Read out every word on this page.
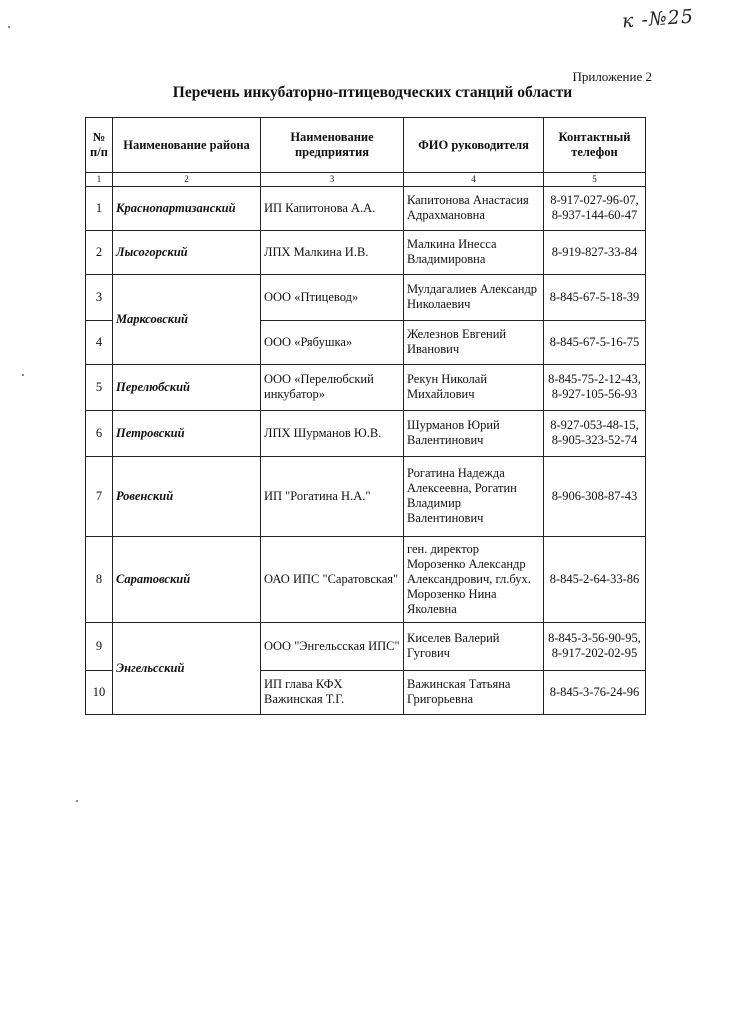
к -№25
Приложение 2
Перечень инкубаторно-птицеводческих станций области
№ п/п	Наименование района	Наименование предприятия	ФИО руководителя	Контактный телефон
1	2	3	4	5
1	Краснопартизанский	ИП Капитонова А.А.	Капитонова Анастасия Адрахмановна	8-917-027-96-07, 8-937-144-60-47
2	Лысогорский	ЛПХ Малкина И.В.	Малкина Инесса Владимировна	8-919-827-33-84
3	Марксовский	ООО «Птицевод»	Мулдагалиев Александр Николаевич	8-845-67-5-18-39
4		ООО «Рябушка»	Железнов Евгений Иванович	8-845-67-5-16-75
5	Перелюбский	ООО «Перелюбский инкубатор»	Рекун Николай Михайлович	8-845-75-2-12-43, 8-927-105-56-93
6	Петровский	ЛПХ Шурманов Ю.В.	Шурманов Юрий Валентинович	8-927-053-48-15, 8-905-323-52-74
7	Ровенский	ИП "Рогатина Н.А."	Рогатина Надежда Алексеевна, Рогатин Владимир Валентинович	8-906-308-87-43
8	Саратовский	ОАО ИПС "Саратовская"	ген. директор Морозенко Александр Александрович, гл.бух. Морозенко Нина Яколевна	8-845-2-64-33-86
9	Энгельсский	ООО "Энгельсская ИПС"	Киселев Валерий Гугович	8-845-3-56-90-95, 8-917-202-02-95
10		ИП глава КФХ Важинская Т.Г.	Важинская Татьяна Григорьевна	8-845-3-76-24-96
